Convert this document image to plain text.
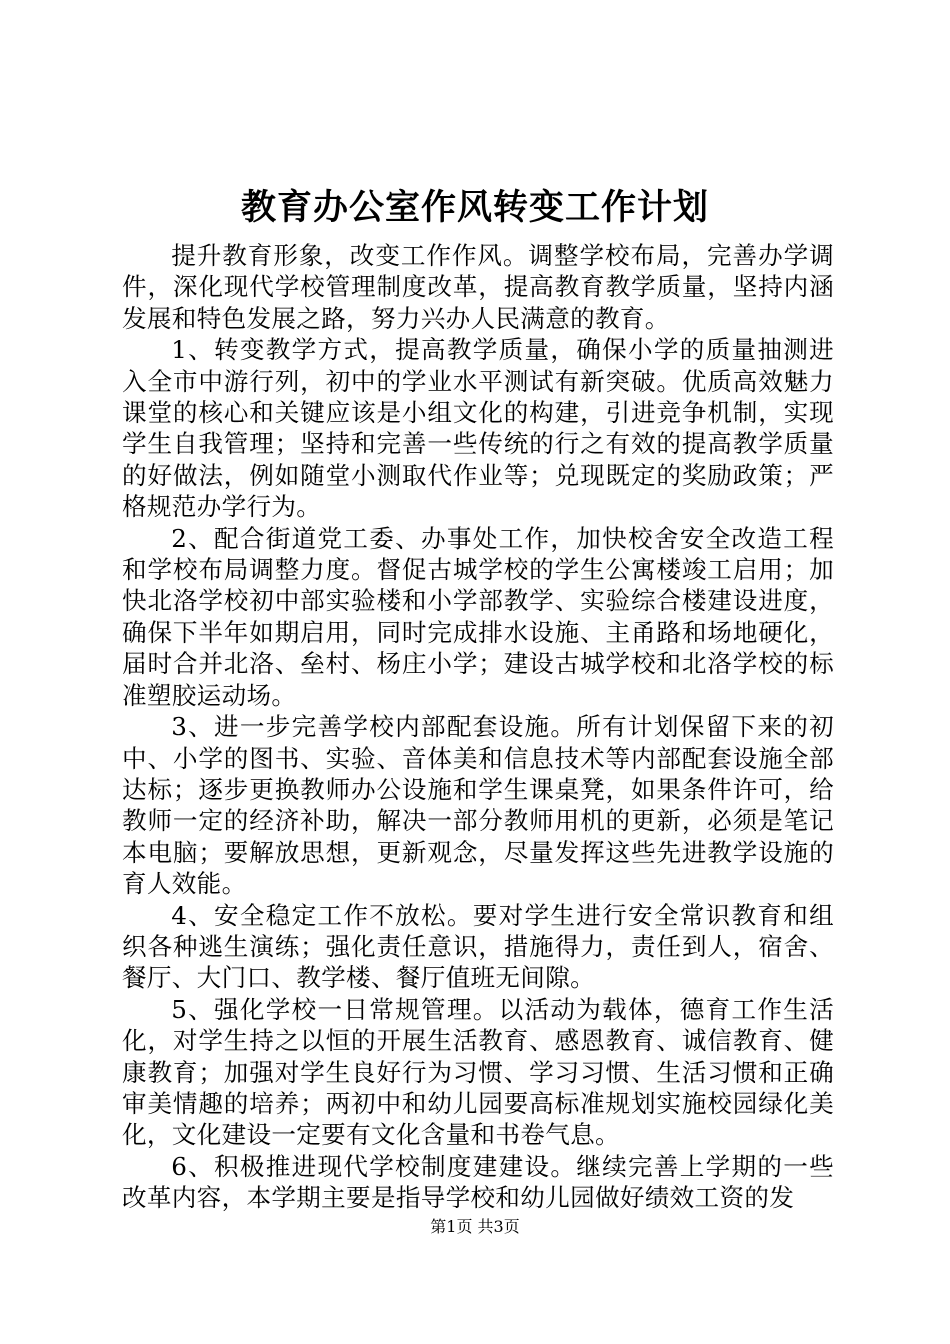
教育办公室作风转变工作计划

提升教育形象，改变工作作风。调整学校布局，完善办学调件，深化现代学校管理制度改革，提高教育教学质量，坚持内涵发展和特色发展之路，努力兴办人民满意的教育。

1、转变教学方式，提高教学质量，确保小学的质量抽测进入全市中游行列，初中的学业水平测试有新突破。优质高效魅力课堂的核心和关键应该是小组文化的构建，引进竞争机制，实现学生自我管理；坚持和完善一些传统的行之有效的提高教学质量的好做法，例如随堂小测取代作业等；兑现既定的奖励政策；严格规范办学行为。

2、配合街道党工委、办事处工作，加快校舍安全改造工程和学校布局调整力度。督促古城学校的学生公寓楼竣工启用；加快北洛学校初中部实验楼和小学部教学、实验综合楼建设进度，确保下半年如期启用，同时完成排水设施、主甬路和场地硬化，届时合并北洛、垒村、杨庄小学；建设古城学校和北洛学校的标准塑胶运动场。

3、进一步完善学校内部配套设施。所有计划保留下来的初中、小学的图书、实验、音体美和信息技术等内部配套设施全部达标；逐步更换教师办公设施和学生课桌凳，如果条件许可，给教师一定的经济补助，解决一部分教师用机的更新，必须是笔记本电脑；要解放思想，更新观念，尽量发挥这些先进教学设施的育人效能。

4、安全稳定工作不放松。要对学生进行安全常识教育和组织各种逃生演练；强化责任意识，措施得力，责任到人，宿舍、餐厅、大门口、教学楼、餐厅值班无间隙。

5、强化学校一日常规管理。以活动为载体，德育工作生活化，对学生持之以恒的开展生活教育、感恩教育、诚信教育、健康教育；加强对学生良好行为习惯、学习习惯、生活习惯和正确审美情趣的培养；两初中和幼儿园要高标准规划实施校园绿化美化，文化建设一定要有文化含量和书卷气息。

6、积极推进现代学校制度建建设。继续完善上学期的一些改革内容，本学期主要是指导学校和幼儿园做好绩效工资的发

第1页 共3页
